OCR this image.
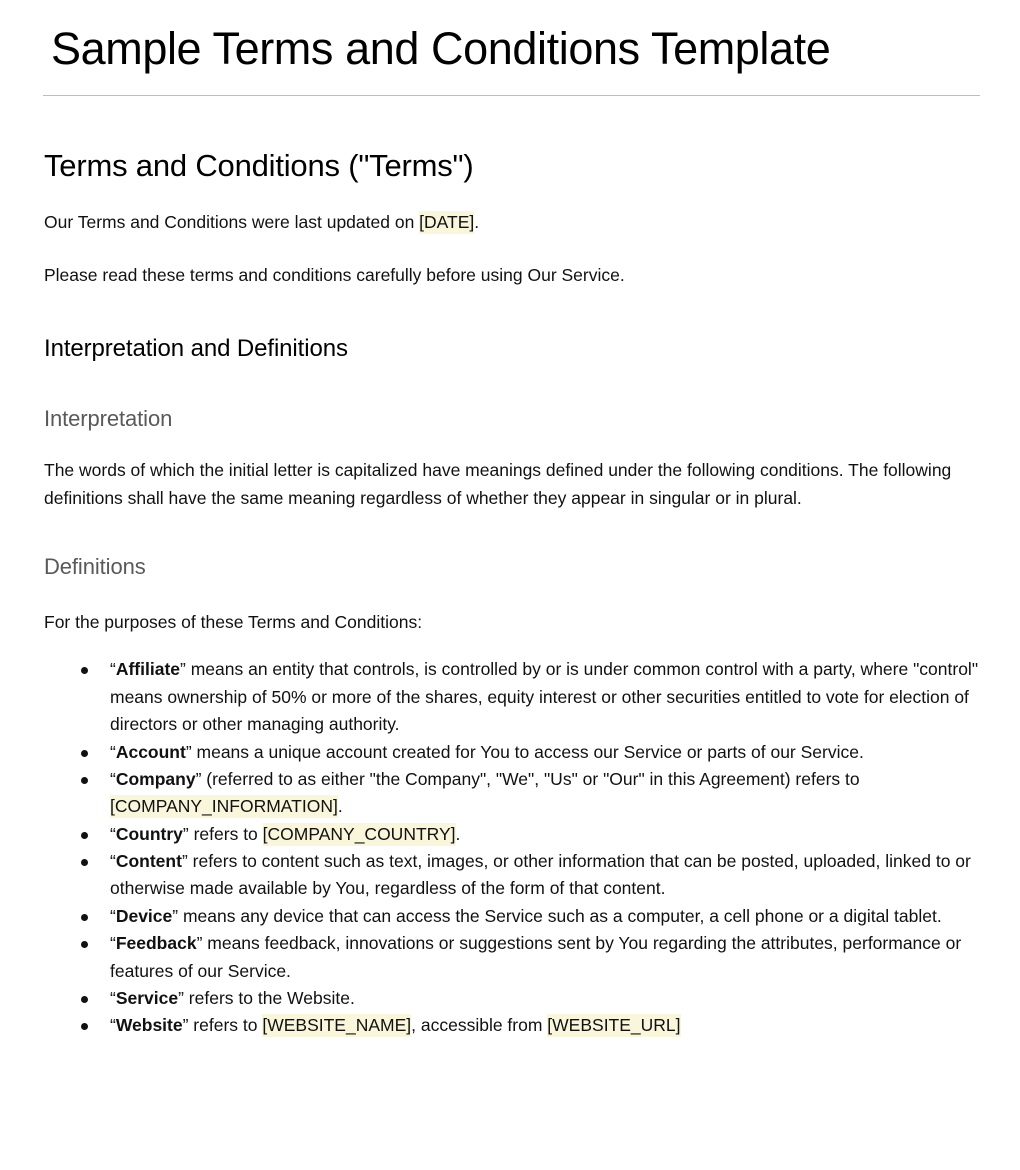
Sample Terms and Conditions Template
Terms and Conditions ("Terms")

Our Terms and Conditions were last updated on [DATE].

Please read these terms and conditions carefully before using Our Service.

Interpretation and Definitions
Interpretation

The words of which the initial letter is capitalized have meanings defined under the following conditions. The following definitions shall have the same meaning regardless of whether they appear in singular or in plural.

Definitions

For the purposes of these Terms and Conditions:

“Affiliate” means an entity that controls, is controlled by or is under common control with a party, where "control" means ownership of 50% or more of the shares, equity interest or other securities entitled to vote for election of directors or other managing authority.
“Account” means a unique account created for You to access our Service or parts of our Service.
“Company” (referred to as either "the Company", "We", "Us" or "Our" in this Agreement) refers to [COMPANY_INFORMATION].
“Country” refers to [COMPANY_COUNTRY].
“Content” refers to content such as text, images, or other information that can be posted, uploaded, linked to or otherwise made available by You, regardless of the form of that content.
“Device” means any device that can access the Service such as a computer, a cell phone or a digital tablet.
“Feedback” means feedback, innovations or suggestions sent by You regarding the attributes, performance or features of our Service.
“Service” refers to the Website.
“Website” refers to [WEBSITE_NAME], accessible from [WEBSITE_URL]
